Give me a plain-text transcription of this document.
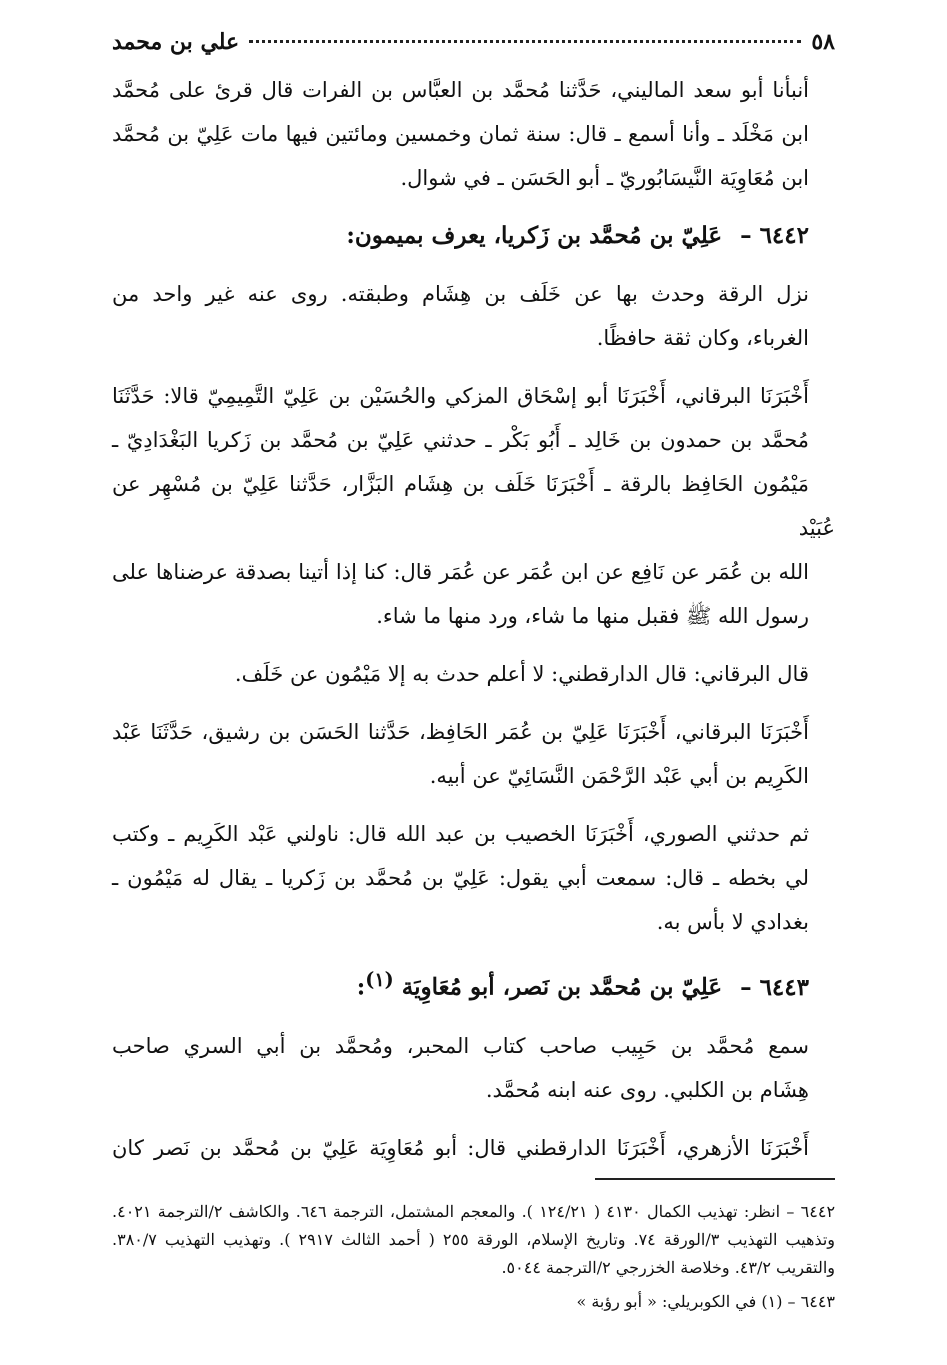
٥٨
علي بن محمد
أنبأنا أبو سعد الماليني، حَدَّثنا مُحمَّد بن العبَّاس بن الفرات قال قرئ على مُحمَّد
ابن مَخْلَد ـ وأنا أسمع ـ قال: سنة ثمان وخمسين ومائتين فيها مات عَلِيّ بن مُحمَّد
ابن مُعَاوِيَة النَّيسَابُوريّ ـ أبو الحَسَن ـ في شوال.
٦٤٤٢ – عَلِيّ بن مُحمَّد بن زَكريا، يعرف بميمون:
نزل الرقة وحدث بها عن خَلَف بن هِشَام وطبقته. روى عنه غير واحد من
الغرباء، وكان ثقة حافظًا.
أَخْبَرَنَا البرقاني، أَخْبَرَنَا أبو إسْحَاق المزكي والحُسَيْن بن عَلِيّ التَّمِيمِيّ قالا: حَدَّثَنَا
مُحمَّد بن حمدون بن خَالِد ـ أَبُو بَكْر ـ حدثني عَلِيّ بن مُحمَّد بن زَكريا البَغْدَادِيّ ـ
مَيْمُون الحَافِظ بالرقة ـ أَخْبَرَنَا خَلَف بن هِشَام البَزَّار، حَدَّثنا عَلِيّ بن مُسْهِر عن عُبَيْد
الله بن عُمَر عن نَافِع عن ابن عُمَر عن عُمَر قال: كنا إذا أتينا بصدقة عرضناها على
رسول الله ﷺ فقبل منها ما شاء، ورد منها ما شاء.
قال البرقاني: قال الدارقطني: لا أعلم حدث به إلا مَيْمُون عن خَلَف.
أَخْبَرَنَا البرقاني، أَخْبَرَنَا عَلِيّ بن عُمَر الحَافِظ، حَدَّثنا الحَسَن بن رشيق، حَدَّثَنَا عَبْد
الكَرِيم بن أبي عَبْد الرَّحْمَن النَّسَائِيّ عن أبيه.
ثم حدثني الصوري، أَخْبَرَنَا الخصيب بن عبد الله قال: ناولني عَبْد الكَرِيم ـ وكتب
لي بخطه ـ قال: سمعت أبي يقول: عَلِيّ بن مُحمَّد بن زَكريا ـ يقال له مَيْمُون ـ
بغدادي لا بأس به.
٦٤٤٣ – عَلِيّ بن مُحمَّد بن نَصر، أبو مُعَاوِيَة $^{(١)}$:
سمع مُحمَّد بن حَبِيب صاحب كتاب المحبر، ومُحمَّد بن أبي السري صاحب
هِشَام بن الكلبي. روى عنه ابنه مُحمَّد.
أَخْبَرَنَا الأزهري، أَخْبَرَنَا الدارقطني قال: أبو مُعَاوِيَة عَلِيّ بن مُحمَّد بن نَصر كان

٦٤٤٢ – انظر: تهذيب الكمال ٤١٣٠ ( ١٢٤/٢١ ). والمعجم المشتمل، الترجمة ٦٤٦. والكاشف ٢/الترجمة ٤٠٢١. وتذهيب التهذيب ٣/الورقة ٧٤. وتاريخ الإسلام، الورقة ٢٥٥ ( أحمد الثالث ٢٩١٧ ). وتهذيب التهذيب ٣٨٠/٧. والتقريب ٤٣/٢. وخلاصة الخزرجي ٢/الترجمة ٥٠٤٤.

٦٤٤٣ – (١) في الكوبريلي: « أبو رؤبة »
